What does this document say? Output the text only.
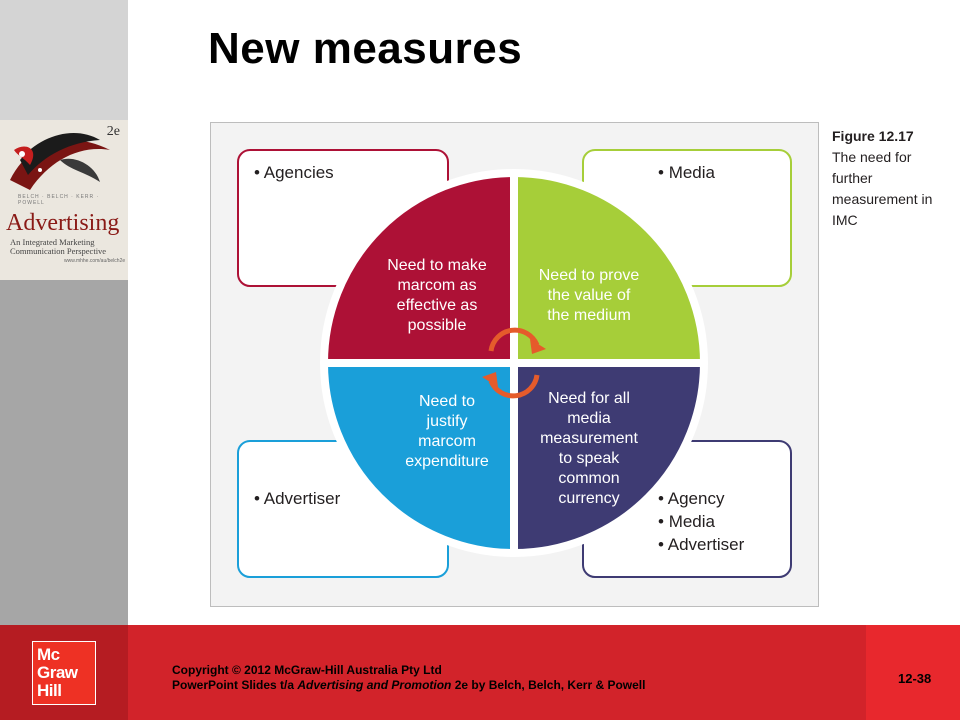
2e
BELCH · BELCH · KERR · POWELL
Advertising
An Integrated Marketing
Communication Perspective
www.mhhe.com/au/belch2e
New measures
• Agencies	• Media
• Advertiser	• Agency
• Media
• Advertiser
Need to make
marcom as
effective as
possible
Need to prove
the value of
the medium
Need to
justify
marcom
expenditure
Need for all
media
measurement
to speak
common
currency
Figure 12.17
The need for further measurement in IMC
Mc
Graw
Hill
Copyright © 2012 McGraw-Hill Australia Pty Ltd
PowerPoint Slides t/a Advertising and Promotion 2e by Belch, Belch, Kerr & Powell	12-38
